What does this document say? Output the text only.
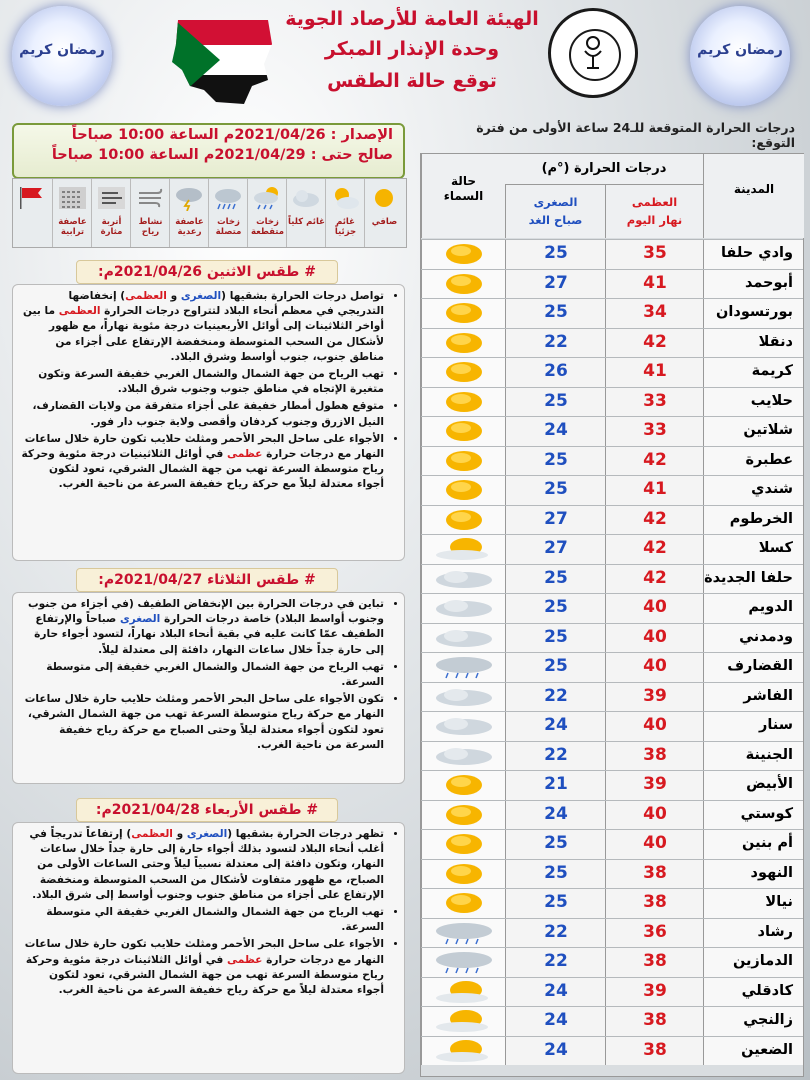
رمضان كريم	رمضان كريم
الهيئة العامة للأرصاد الجوية
وحدة الإنذار المبكر
توقع حالة الطقس
الإصدار : 2021/04/26م الساعة 10:00 صباحاً
صالح حتى : 2021/04/29م الساعة 10:00 صباحاً
صافي
غائم جزئياً
غائم كلياً
زخات متقطعة
زخات متصلة
عاصفة رعدية
نشاط رياح
أتربة مثارة
عاصفة ترابية
# طقس الاثنين 2021/04/26م:
• تواصل درجات الحرارة بشقيها (الصغرى و العظمى) إنخفاضها التدريجي في معظم أنحاء البلاد لتتراوح درجات الحرارة العظمى ما بين أواخر الثلاثينات إلى أوائل الأربعينيات درجة مئوية نهاراً، مع ظهور لأشكال من السحب المتوسطة ومنخفضة الإرتفاع على أجزاء من مناطق جنوب، جنوب أواسط وشرق البلاد.
• تهب الرياح من جهة الشمال والشمال الغربي خفيفة السرعة وتكون متغيرة الإتجاه في مناطق جنوب وجنوب شرق البلاد.
• متوقع هطول أمطار خفيفة على أجزاء متفرقة من ولايات القضارف، النيل الازرق وجنوب كردفان وأقصى ولاية جنوب دار فور.
• الأجواء على ساحل البحر الأحمر ومثلث حلايب تكون حارة خلال ساعات النهار مع درجات حرارة عظمى في أوائل الثلاثينيات درجة مئوية وحركة رياح متوسطة السرعة تهب من جهة الشمال الشرقي، تعود لتكون أجواء معتدلة ليلاً مع حركة رياح خفيفة السرعة من ناحية الغرب.
# طقس الثلاثاء 2021/04/27م:
• تباين في درجات الحرارة بين الإنخفاض الطفيف (في أجزاء من جنوب وجنوب أواسط البلاد) خاصة درجات الحرارة الصغرى صباحاً والإرتفاع الطفيف عمّا كانت عليه في بقية أنحاء البلاد نهاراً، لتسود أجواء حارة إلى حارة جداً خلال ساعات النهار، دافئة إلى معتدلة ليلاً.
• تهب الرياح من جهة الشمال والشمال الغربي خفيفة إلى متوسطة السرعة.
• تكون الأجواء على ساحل البحر الأحمر ومثلث حلايب حارة خلال ساعات النهار مع حركة رياح متوسطة السرعة تهب من جهة الشمال الشرقي، تعود لتكون أجواء معتدلة ليلاً وحتى الصباح مع حركة رياح خفيفة السرعة من ناحية الغرب.
# طقس الأربعاء 2021/04/28م:
• تظهر درجات الحرارة بشقيها (الصغرى و العظمى) إرتفاعاً تدريجاً في أغلب أنحاء البلاد لتسود بذلك أجواء حارة إلى حارة جداً خلال ساعات النهار، وتكون دافئة إلى معتدلة نسبياً ليلاً وحتى الساعات الأولى من الصباح، مع ظهور متفاوت لأشكال من السحب المتوسطة ومنخفضة الإرتفاع على أجزاء من مناطق جنوب وجنوب أواسط إلى شرق البلاد.
• تهب الرياح من جهة الشمال والشمال الغربي خفيفة الي متوسطة السرعة.
• الأجواء على ساحل البحر الأحمر ومثلث حلايب تكون حارة خلال ساعات النهار مع درجات حرارة عظمى في أوائل الثلاثينات درجة مئوية وحركة رياح متوسطة السرعة تهب من جهة الشمال الشرقي، تعود لتكون أجواء معتدلة ليلاً مع حركة رياح خفيفة السرعة من ناحية الغرب.
درجات الحرارة المتوقعة للـ24 ساعة الأولى من فترة التوقع:
المدينة
درجات الحرارة (°م)
العظمى
نهار اليوم
الصغرى
صباح الغد
حالة
السماء
25	35	وادي حلفا
27	41	أبوحمد
25	34	بورتسودان
22	42	دنقلا
26	41	كريمة
25	33	حلايب
24	33	شلاتين
25	42	عطبرة
25	41	شندي
27	42	الخرطوم
27	42	كسلا
25	42	حلفا الجديدة
25	40	الدويم
25	40	ودمدني
25	40	القضارف
22	39	الفاشر
24	40	سنار
22	38	الجنينة
21	39	الأبيض
24	40	كوستي
25	40	أم بنين
25	38	النهود
25	38	نيالا
22	36	رشاد
22	38	الدمازين
24	39	كادقلي
24	38	زالنجي
24	38	الضعين
